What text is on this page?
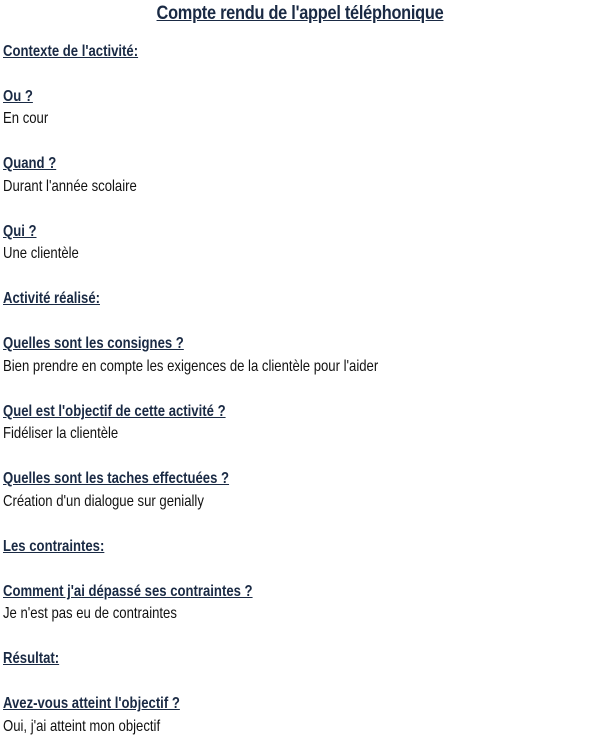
Compte rendu de l'appel téléphonique
Contexte de l'activité:
Ou ?
En cour
Quand ?
Durant l'année scolaire
Qui ?
Une clientèle
Activité réalisé:
Quelles sont les consignes ?
Bien prendre en compte les exigences de la clientèle pour l'aider
Quel est l'objectif de cette activité ?
Fidéliser la clientèle
Quelles sont les taches effectuées ?
Création d'un dialogue sur genially
Les contraintes:
Comment j'ai dépassé ses contraintes ?
Je n'est pas eu de contraintes
Résultat:
Avez-vous atteint l'objectif ?
Oui, j'ai atteint mon objectif
